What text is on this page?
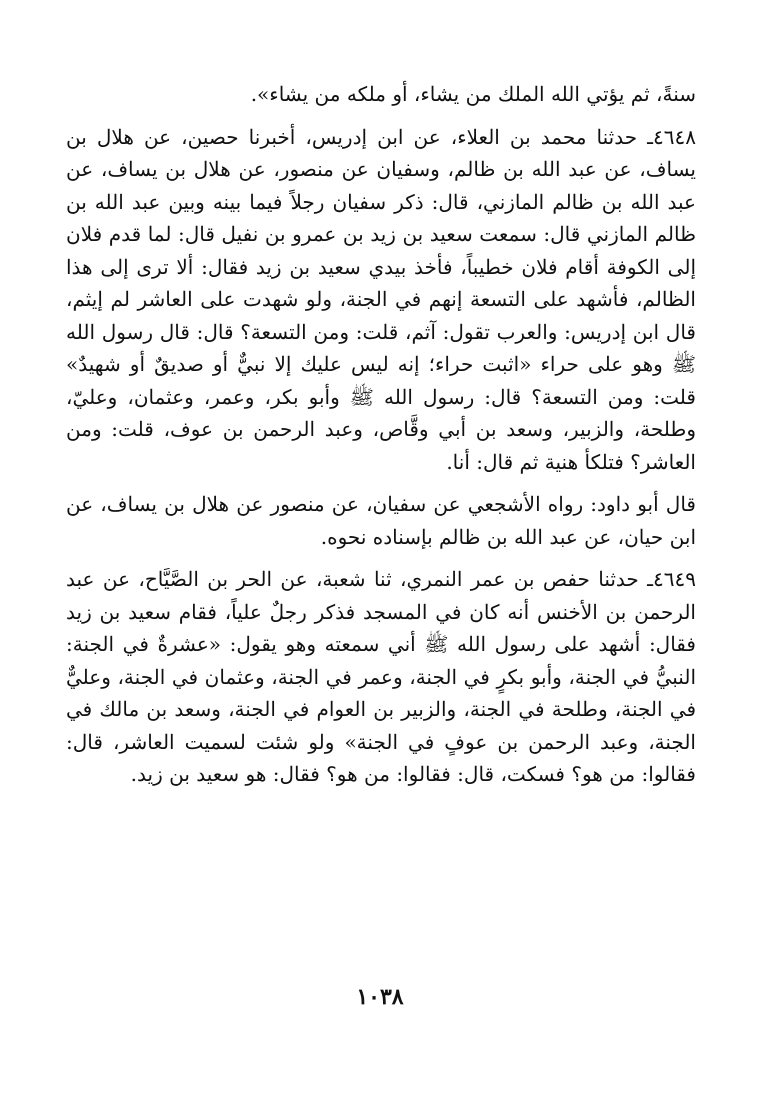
سنةً، ثم يؤتي الله الملك من يشاء، أو ملكه من يشاء».

٤٦٤٨ـ حدثنا محمد بن العلاء، عن ابن إدريس، أخبرنا حصين، عن هلال بن يساف، عن عبد الله بن ظالم، وسفيان عن منصور، عن هلال بن يساف، عن عبد الله بن ظالم المازني، قال: ذكر سفيان رجلاً فيما بينه وبين عبد الله بن ظالم المازني قال: سمعت سعيد بن زيد بن عمرو بن نفيل قال: لما قدم فلان إلى الكوفة أقام فلان خطيباً، فأخذ بيدي سعيد بن زيد فقال: ألا ترى إلى هذا الظالم، فأشهد على التسعة إنهم في الجنة، ولو شهدت على العاشر لم إيثم، قال ابن إدريس: والعرب تقول: آثم، قلت: ومن التسعة؟ قال: قال رسول الله ﷺ وهو على حراء «اثبت حراء؛ إنه ليس عليك إلا نبيٌّ أو صديقٌ أو شهيدٌ» قلت: ومن التسعة؟ قال: رسول الله ﷺ وأبو بكر، وعمر، وعثمان، وعليّ، وطلحة، والزبير، وسعد بن أبي وقَّاص، وعبد الرحمن بن عوف، قلت: ومن العاشر؟ فتلكأ هنية ثم قال: أنا.

قال أبو داود: رواه الأشجعي عن سفيان، عن منصور عن هلال بن يساف، عن ابن حيان، عن عبد الله بن ظالم بإسناده نحوه.

٤٦٤٩ـ حدثنا حفص بن عمر النمري، ثنا شعبة، عن الحر بن الصَّيَّاح، عن عبد الرحمن بن الأخنس أنه كان في المسجد فذكر رجلٌ علياً، فقام سعيد بن زيد فقال: أشهد على رسول الله ﷺ أني سمعته وهو يقول: «عشرةٌ في الجنة: النبيُّ في الجنة، وأبو بكرٍ في الجنة، وعمر في الجنة، وعثمان في الجنة، وعليٌّ في الجنة، وطلحة في الجنة، والزبير بن العوام في الجنة، وسعد بن مالك في الجنة، وعبد الرحمن بن عوفٍ في الجنة» ولو شئت لسميت العاشر، قال: فقالوا: من هو؟ فسكت، قال: فقالوا: من هو؟ فقال: هو سعيد بن زيد.

١٠٣٨
